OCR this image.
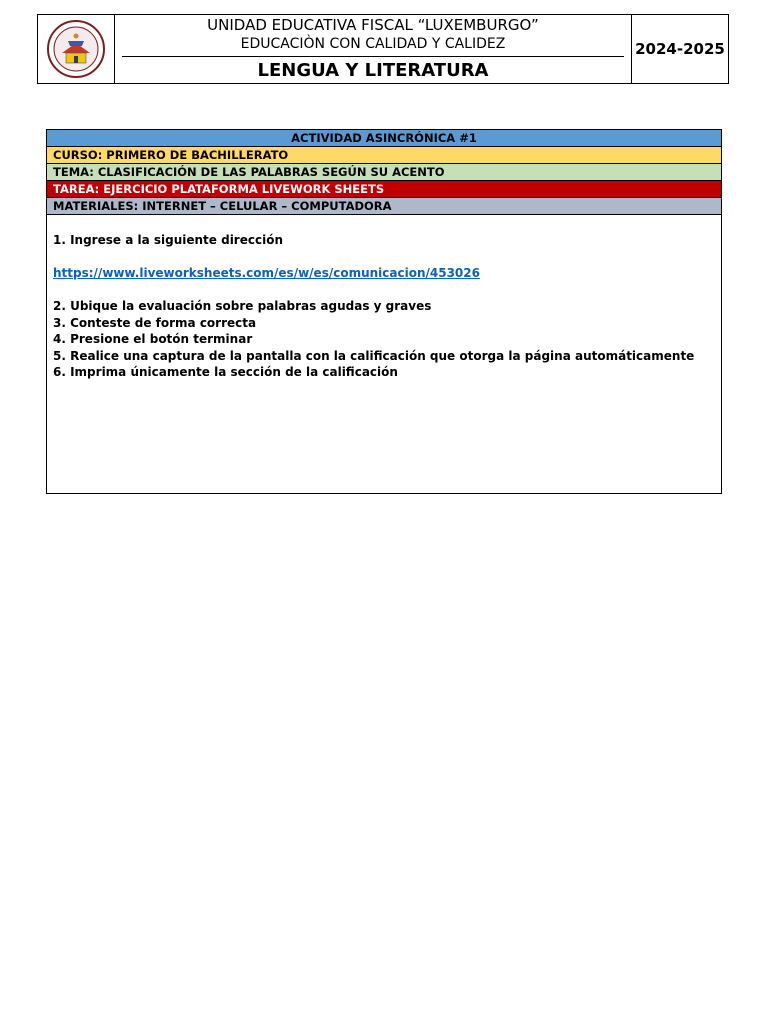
UNIDAD EDUCATIVA FISCAL “LUXEMBURGO”
EDUCACIÒN CON CALIDAD Y CALIDEZ
LENGUA Y LITERATURA
2024-2025
ACTIVIDAD ASINCRÓNICA #1
CURSO: PRIMERO DE BACHILLERATO
TEMA: CLASIFICACIÓN DE LAS PALABRAS SEGÚN SU ACENTO
TAREA: EJERCICIO PLATAFORMA LIVEWORK SHEETS
MATERIALES: INTERNET – CELULAR – COMPUTADORA
1. Ingrese a la siguiente dirección
https://www.liveworksheets.com/es/w/es/comunicacion/453026
2. Ubique la evaluación sobre palabras agudas y graves
3. Conteste de forma correcta
4. Presione el botón terminar
5. Realice una captura de la pantalla con la calificación que otorga la página automáticamente
6. Imprima únicamente la sección de la calificación
